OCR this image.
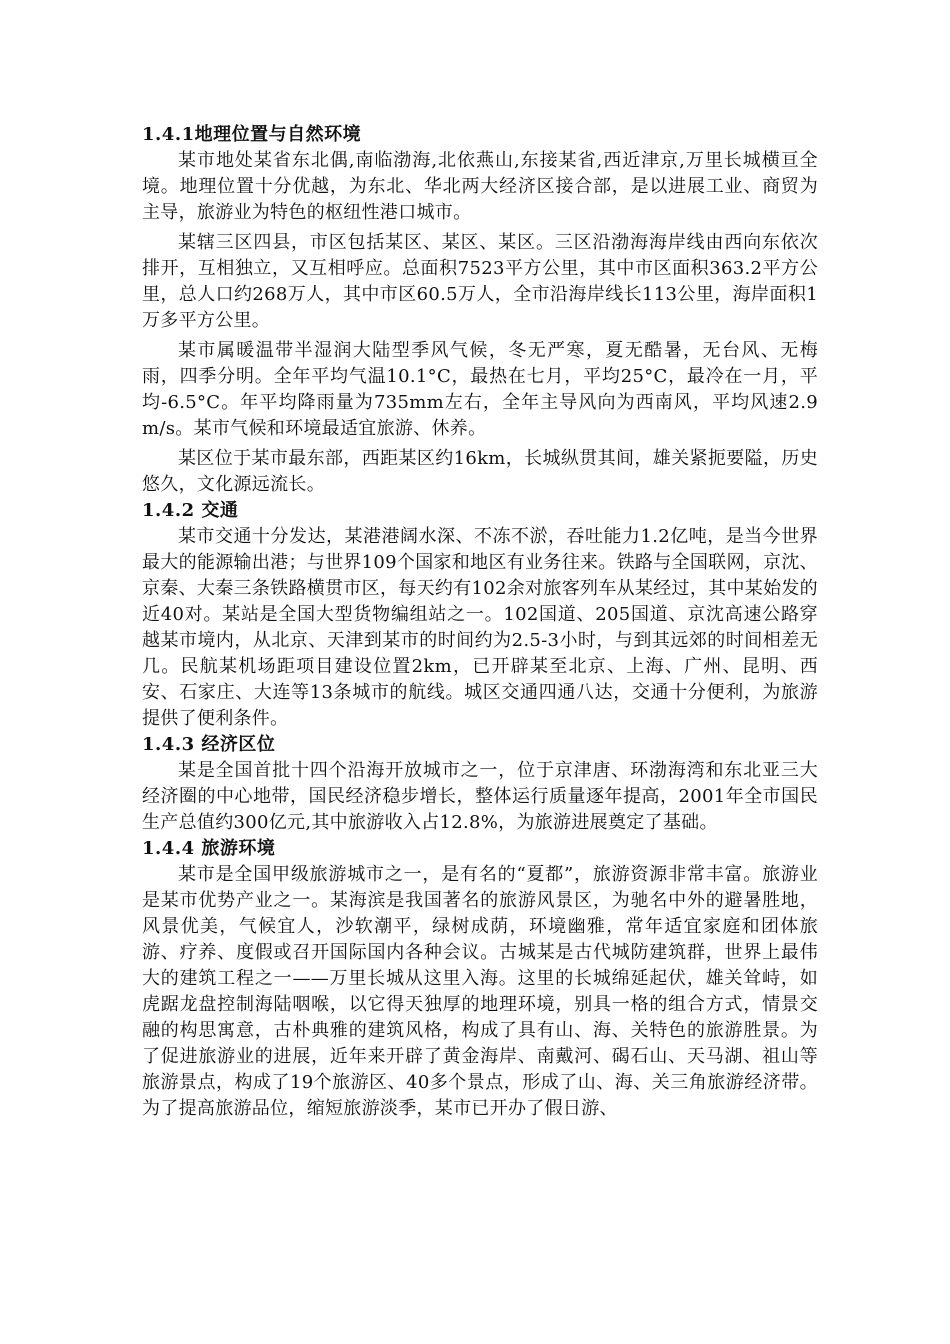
1.4.1地理位置与自然环境

某市地处某省东北偶,南临渤海,北依燕山,东接某省,西近津京,万里长城横亘全境。地理位置十分优越，为东北、华北两大经济区接合部，是以进展工业、商贸为主导，旅游业为特色的枢纽性港口城市。

某辖三区四县，市区包括某区、某区、某区。三区沿渤海海岸线由西向东依次排开，互相独立，又互相呼应。总面积7523平方公里，其中市区面积363.2平方公里，总人口约268万人，其中市区60.5万人，全市沿海岸线长113公里，海岸面积1万多平方公里。

某市属暖温带半湿润大陆型季风气候，冬无严寒，夏无酷暑，无台风、无梅雨，四季分明。全年平均气温10.1°C，最热在七月，平均25°C，最冷在一月，平均-6.5°C。年平均降雨量为735mm左右，全年主导风向为西南风，平均风速2.9 m/s。某市气候和环境最适宜旅游、休养。

某区位于某市最东部，西距某区约16km，长城纵贯其间，雄关紧扼要隘，历史悠久，文化源远流长。

1.4.2 交通

某市交通十分发达，某港港阔水深、不冻不淤，吞吐能力1.2亿吨，是当今世界最大的能源输出港；与世界109个国家和地区有业务往来。铁路与全国联网，京沈、京秦、大秦三条铁路横贯市区，每天约有102余对旅客列车从某经过，其中某始发的近40对。某站是全国大型货物编组站之一。102国道、205国道、京沈高速公路穿越某市境内，从北京、天津到某市的时间约为2.5-3小时，与到其远郊的时间相差无几。民航某机场距项目建设位置2km，已开辟某至北京、上海、广州、昆明、西安、石家庄、大连等13条城市的航线。城区交通四通八达，交通十分便利，为旅游提供了便利条件。

1.4.3 经济区位

某是全国首批十四个沿海开放城市之一，位于京津唐、环渤海湾和东北亚三大经济圈的中心地带，国民经济稳步增长，整体运行质量逐年提高，2001年全市国民生产总值约300亿元,其中旅游收入占12.8%，为旅游进展奠定了基础。

1.4.4 旅游环境

某市是全国甲级旅游城市之一，是有名的“夏都”，旅游资源非常丰富。旅游业是某市优势产业之一。某海滨是我国著名的旅游风景区，为驰名中外的避暑胜地，风景优美，气候宜人，沙软潮平，绿树成荫，环境幽雅，常年适宜家庭和团体旅游、疗养、度假或召开国际国内各种会议。古城某是古代城防建筑群，世界上最伟大的建筑工程之一——万里长城从这里入海。这里的长城绵延起伏，雄关耸峙，如虎踞龙盘控制海陆咽喉，以它得天独厚的地理环境，别具一格的组合方式，情景交融的构思寓意，古朴典雅的建筑风格，构成了具有山、海、关特色的旅游胜景。为了促进旅游业的进展，近年来开辟了黄金海岸、南戴河、碣石山、天马湖、祖山等旅游景点，构成了19个旅游区、40多个景点，形成了山、海、关三角旅游经济带。为了提高旅游品位，缩短旅游淡季，某市已开办了假日游、
